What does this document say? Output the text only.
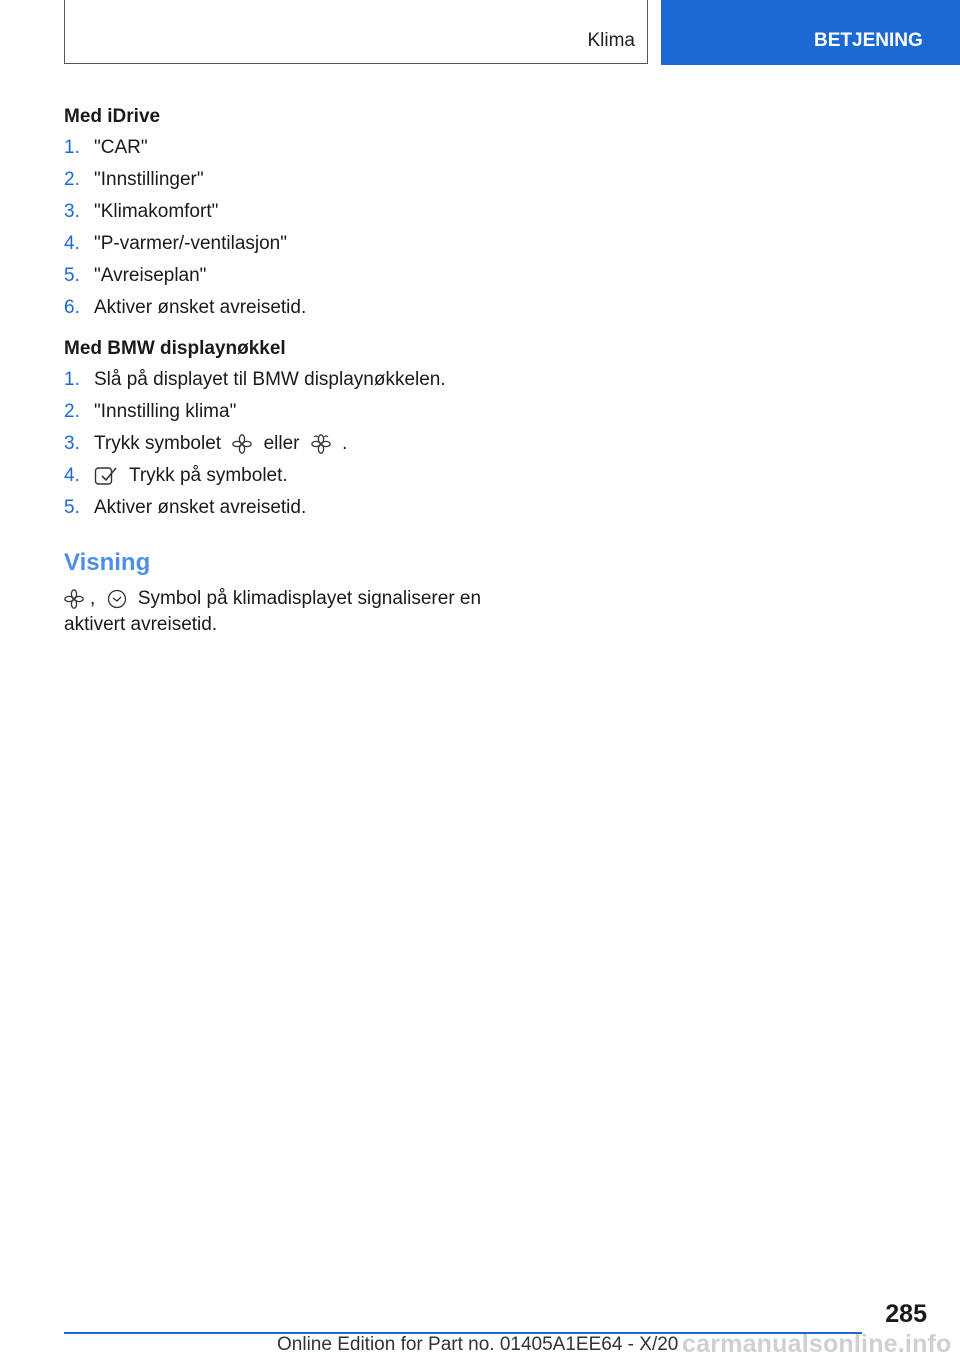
Klima	BETJENING

Med iDrive

1. "CAR"
2. "Innstillinger"
3. "Klimakomfort"
4. "P-varmer/-ventilasjon"
5. "Avreiseplan"
6. Aktiver ønsket avreisetid.

Med BMW displaynøkkel

1. Slå på displayet til BMW displaynøkkelen.
2. "Innstilling klima"
3. Trykk symbolet eller .
4.	Trykk på symbolet.
5. Aktiver ønsket avreisetid.

Visning

, Symbol på klimadisplayet signaliserer en aktivert avreisetid.

285
Online Edition for Part no. 01405A1EE64 - X/20 carmanualsonline.info
